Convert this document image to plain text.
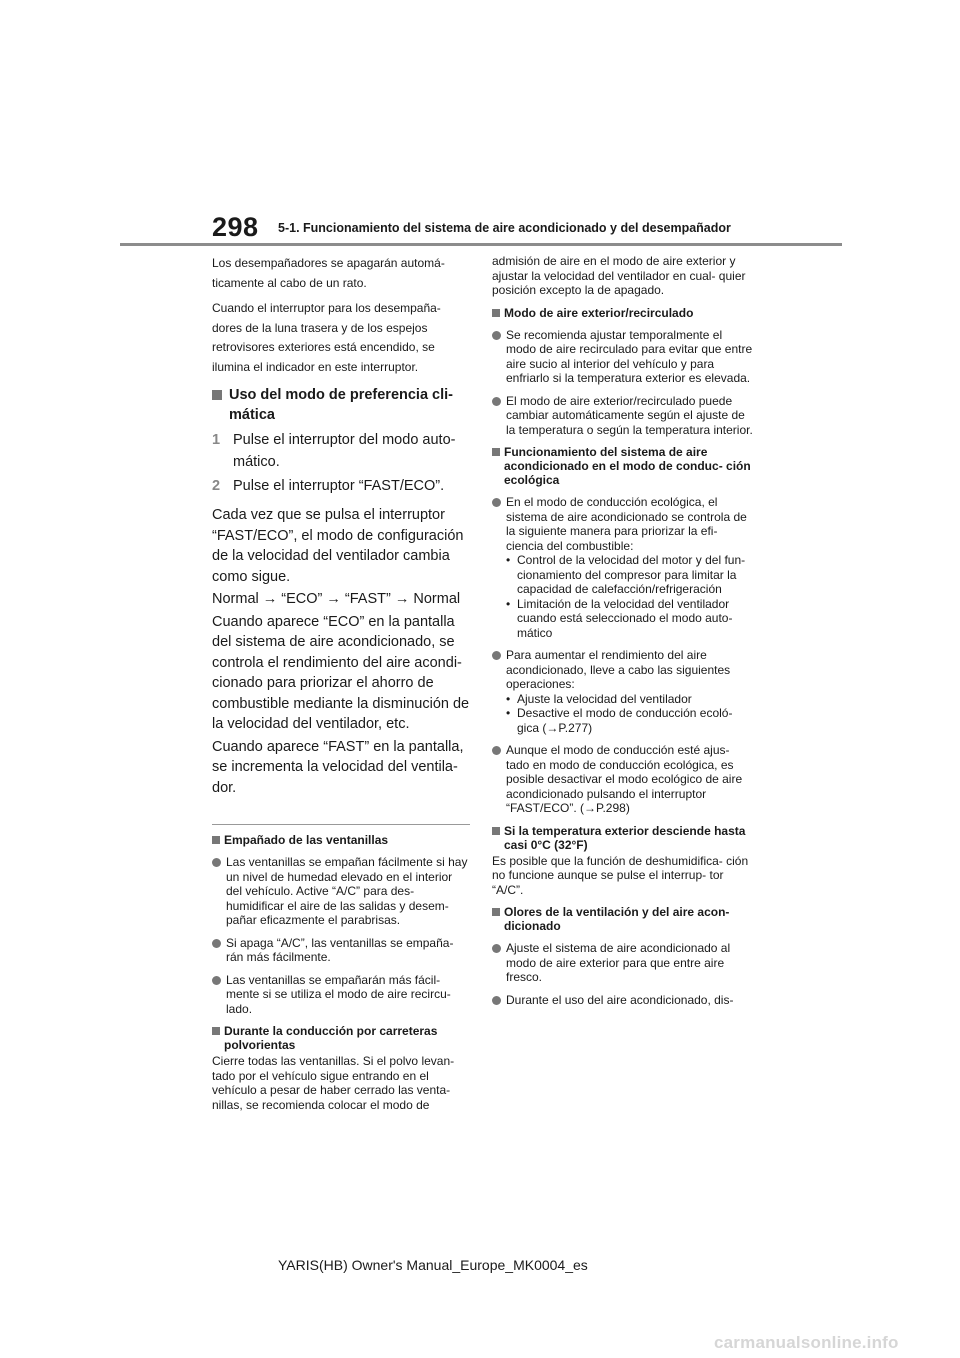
298 5-1. Funcionamiento del sistema de aire acondicionado y del desempañador

Los desempañadores se apagarán automá-

ticamente al cabo de un rato.

Cuando el interruptor para los desempaña-

dores de la luna trasera y de los espejos

retrovisores exteriores está encendido, se

ilumina el indicador en este interruptor.

Uso del modo de preferencia cli- mática
1 Pulse el interruptor del modo auto- mático.
2 Pulse el interruptor “FAST/ECO”.

Cada vez que se pulsa el interruptor “FAST/ECO”, el modo de configuración de la velocidad del ventilador cambia como sigue.

Normal → “ECO” → “FAST” → Normal

Cuando aparece “ECO” en la pantalla del sistema de aire acondicionado, se controla el rendimiento del aire acondi- cionado para priorizar el ahorro de combustible mediante la disminución de la velocidad del ventilador, etc.

Cuando aparece “FAST” en la pantalla, se incrementa la velocidad del ventila- dor.

Empañado de las ventanillas
Las ventanillas se empañan fácilmente si hay un nivel de humedad elevado en el interior del vehículo. Active “A/C” para des- humidificar el aire de las salidas y desem- pañar eficazmente el parabrisas.
Si apaga “A/C”, las ventanillas se empaña- rán más fácilmente.
Las ventanillas se empañarán más fácil- mente si se utiliza el modo de aire recircu- lado.
Durante la conducción por carreteras polvorientas

Cierre todas las ventanillas. Si el polvo levan- tado por el vehículo sigue entrando en el vehículo a pesar de haber cerrado las venta- nillas, se recomienda colocar el modo de

admisión de aire en el modo de aire exterior y ajustar la velocidad del ventilador en cual- quier posición excepto la de apagado.

Modo de aire exterior/recirculado
Se recomienda ajustar temporalmente el modo de aire recirculado para evitar que entre aire sucio al interior del vehículo y para enfriarlo si la temperatura exterior es elevada.
El modo de aire exterior/recirculado puede cambiar automáticamente según el ajuste de la temperatura o según la temperatura interior.
Funcionamiento del sistema de aire acondicionado en el modo de conduc- ción ecológica
En el modo de conducción ecológica, el sistema de aire acondicionado se controla de la siguiente manera para priorizar la efi- ciencia del combustible:
• Control de la velocidad del motor y del fun- cionamiento del compresor para limitar la capacidad de calefacción/refrigeración
• Limitación de la velocidad del ventilador cuando está seleccionado el modo auto- mático
Para aumentar el rendimiento del aire acondicionado, lleve a cabo las siguientes operaciones:
• Ajuste la velocidad del ventilador
• Desactive el modo de conducción ecoló- gica (→P.277)
Aunque el modo de conducción esté ajus- tado en modo de conducción ecológica, es posible desactivar el modo ecológico de aire acondicionado pulsando el interruptor “FAST/ECO”. (→P.298)
Si la temperatura exterior desciende hasta casi 0°C (32°F)

Es posible que la función de deshumidifica- ción no funcione aunque se pulse el interrup- tor “A/C”.

Olores de la ventilación y del aire acon- dicionado
Ajuste el sistema de aire acondicionado al modo de aire exterior para que entre aire fresco.
Durante el uso del aire acondicionado, dis-
YARIS(HB) Owner's Manual_Europe_MK0004_es
carmanualsonline.info
